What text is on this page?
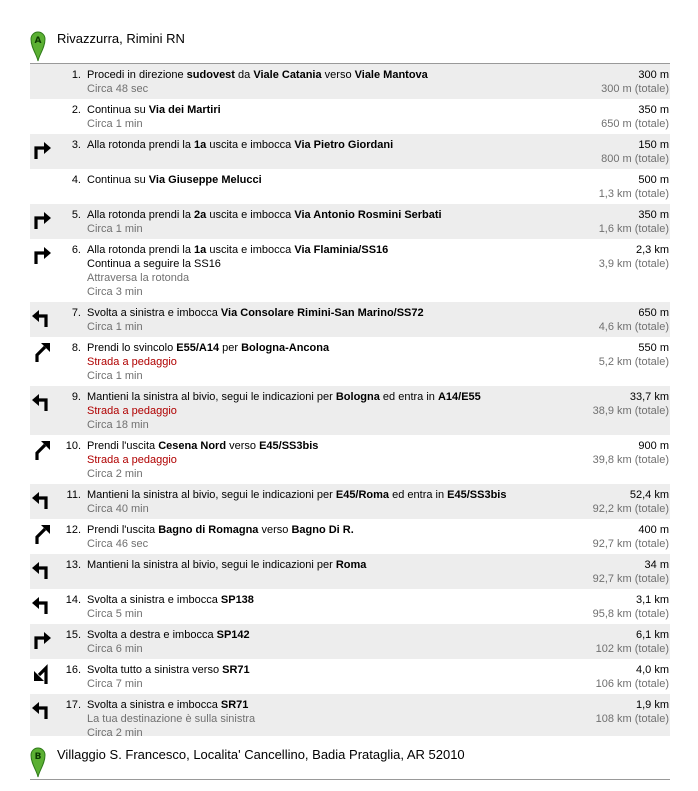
A Rivazzurra, Rimini RN
1. Procedi in direzione sudovest da Viale Catania verso Viale Mantova
Circa 48 sec
300 m
300 m (totale)
2. Continua su Via dei Martiri
Circa 1 min
350 m
650 m (totale)
3. Alla rotonda prendi la 1a uscita e imbocca Via Pietro Giordani	150 m
800 m (totale)
4. Continua su Via Giuseppe Melucci	500 m
1,3 km (totale)
5. Alla rotonda prendi la 2a uscita e imbocca Via Antonio Rosmini Serbati
Circa 1 min
350 m
1,6 km (totale)
6. Alla rotonda prendi la 1a uscita e imbocca Via Flaminia/SS16
Continua a seguire la SS16
Attraversa la rotonda
Circa 3 min
2,3 km
3,9 km (totale)
7. Svolta a sinistra e imbocca Via Consolare Rimini-San Marino/SS72
Circa 1 min
650 m
4,6 km (totale)
8. Prendi lo svincolo E55/A14 per Bologna-Ancona
Strada a pedaggio
Circa 1 min
550 m
5,2 km (totale)
9. Mantieni la sinistra al bivio, segui le indicazioni per Bologna ed entra in A14/E55
Strada a pedaggio
Circa 18 min
33,7 km
38,9 km (totale)
10. Prendi l'uscita Cesena Nord verso E45/SS3bis
Strada a pedaggio
Circa 2 min
900 m
39,8 km (totale)
11. Mantieni la sinistra al bivio, segui le indicazioni per E45/Roma ed entra in E45/SS3bis
Circa 40 min
52,4 km
92,2 km (totale)
12. Prendi l'uscita Bagno di Romagna verso Bagno Di R.
Circa 46 sec
400 m
92,7 km (totale)
13. Mantieni la sinistra al bivio, segui le indicazioni per Roma	34 m
92,7 km (totale)
14. Svolta a sinistra e imbocca SP138
Circa 5 min
3,1 km
95,8 km (totale)
15. Svolta a destra e imbocca SP142
Circa 6 min
6,1 km
102 km (totale)
16. Svolta tutto a sinistra verso SR71
Circa 7 min
4,0 km
106 km (totale)
17. Svolta a sinistra e imbocca SR71
La tua destinazione è sulla sinistra
Circa 2 min
1,9 km
108 km (totale)
B Villaggio S. Francesco, Localita' Cancellino, Badia Prataglia, AR 52010
